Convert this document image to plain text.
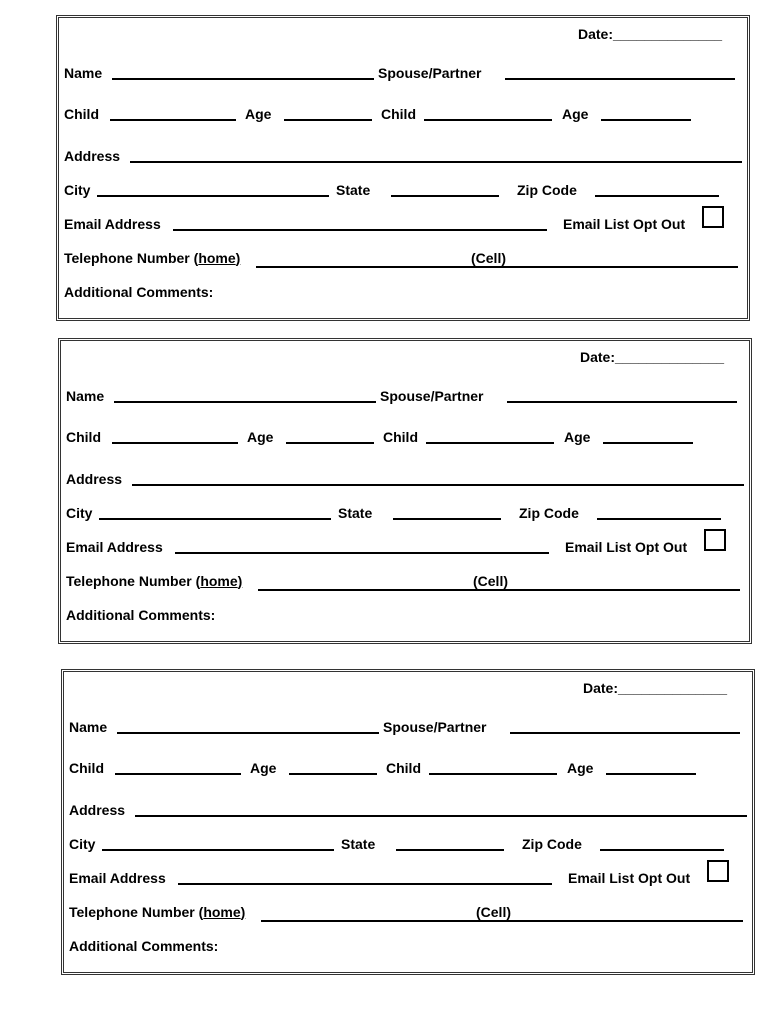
Date:______________
Name	Spouse/Partner
Child	Age	Child	Age
Address
City	State	Zip Code
Email Address	Email List Opt Out
Telephone Number (home)	(Cell)
Additional Comments:
Date:______________
Name	Spouse/Partner
Child	Age	Child	Age
Address
City	State	Zip Code
Email Address	Email List Opt Out
Telephone Number (home)	(Cell)
Additional Comments:
Date:______________
Name	Spouse/Partner
Child	Age	Child	Age
Address
City	State	Zip Code
Email Address	Email List Opt Out
Telephone Number (home)	(Cell)
Additional Comments:
